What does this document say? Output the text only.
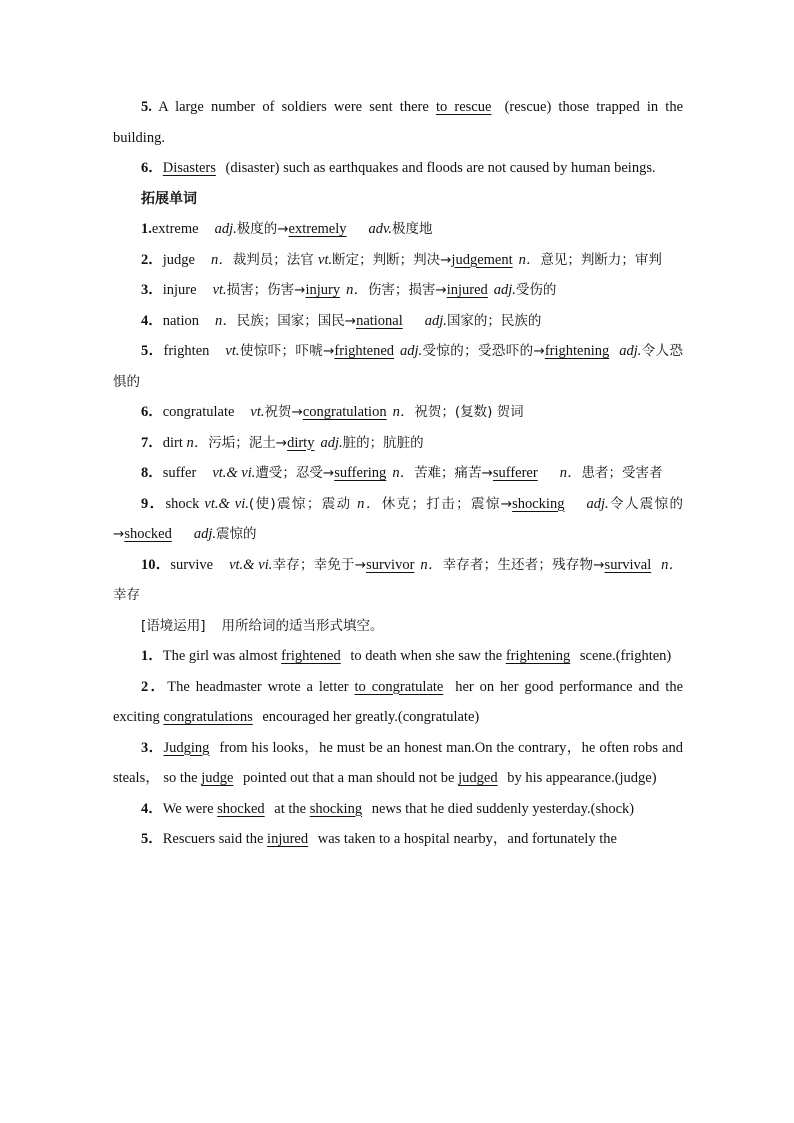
5. A large number of soldiers were sent there to rescue (rescue) those trapped in the building.

6．Disasters (disaster) such as earthquakes and floods are not caused by human beings.

拓展单词

1.extreme adj.极度的→extremely adv.极度地

2．judge n．裁判员；法官 vt.断定；判断；判决→judgement n．意见；判断力；审判

3．injure vt.损害；伤害→injury n．伤害；损害→injured adj.受伤的

4．nation n．民族；国家；国民→national adj.国家的；民族的

5．frighten vt.使惊吓；吓唬→frightened adj.受惊的；受恐吓的→frightening adj.令人恐惧的

6．congratulate vt.祝贺→congratulation n．祝贺；(复数) 贺词

7．dirt n．污垢；泥土→dirty adj.脏的；肮脏的

8．suffer vt.& vi.遭受；忍受→suffering n．苦难；痛苦→sufferer n．患者；受害者

9．shock vt.& vi.(使)震惊；震动 n．休克；打击；震惊→shocking adj.令人震惊的→shocked adj.震惊的

10．survive vt.& vi.幸存；幸免于→survivor n．幸存者；生还者；残存物→survival n．幸存

[语境运用] 用所给词的适当形式填空。

1．The girl was almost frightened to death when she saw the frightening scene.(frighten)

2．The headmaster wrote a letter to congratulate her on her good performance and the exciting congratulations encouraged her greatly.(congratulate)

3．Judging from his looks，he must be an honest man.On the contrary，he often robs and steals， so the judge pointed out that a man should not be judged by his appearance.(judge)

4．We were shocked at the shocking news that he died suddenly yesterday.(shock)

5．Rescuers said the injured was taken to a hospital nearby，and fortunately the
